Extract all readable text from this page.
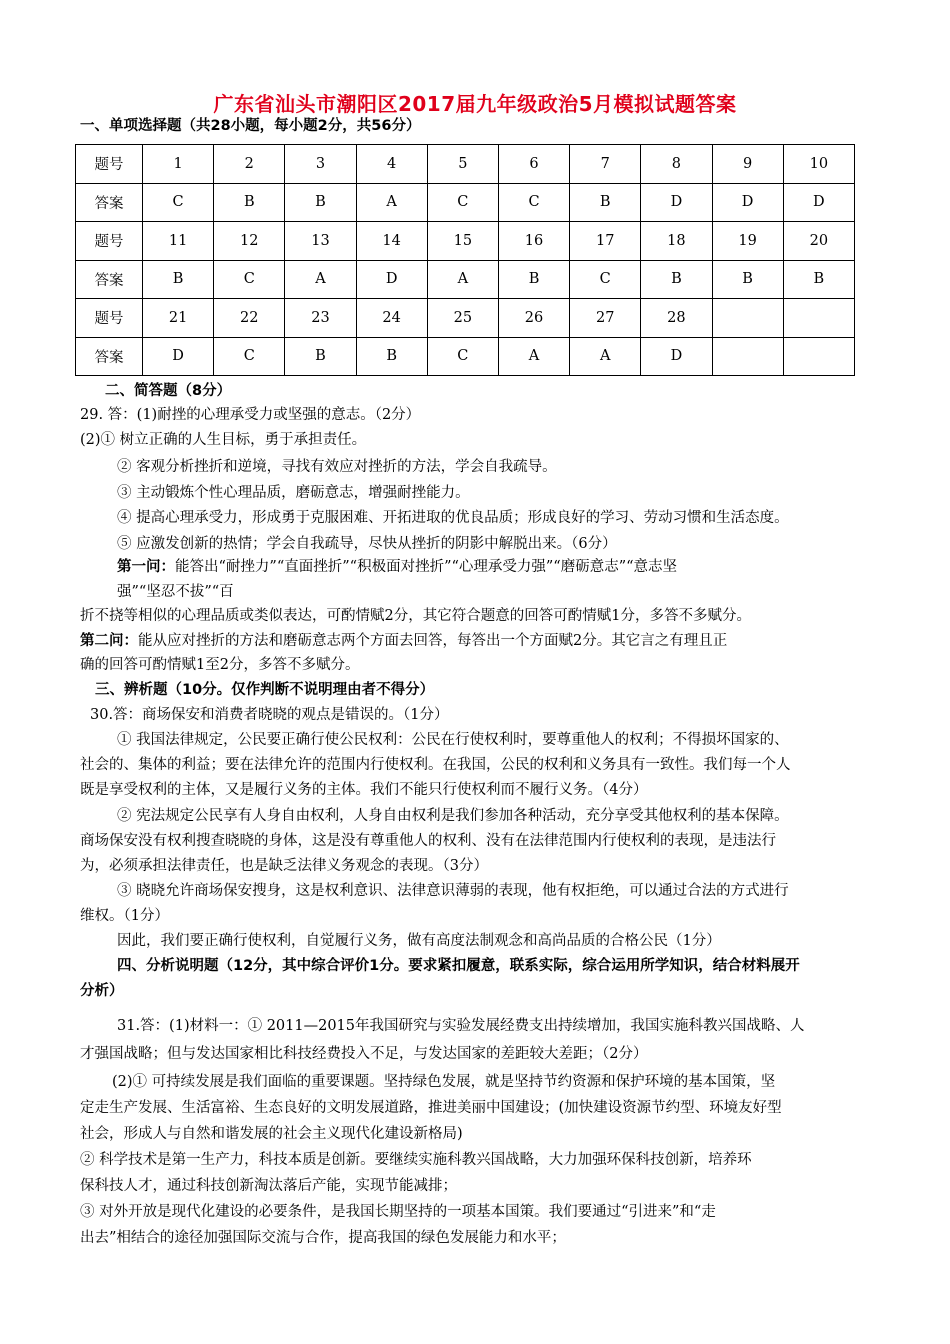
广东省汕头市潮阳区2017届九年级政治5月模拟试题答案
一、单项选择题（共28小题，每小题2分，共56分）
题号	1	2	3	4	5	6	7	8	9	10
答案	C	B	B	A	C	C	B	D	D	D
题号	11	12	13	14	15	16	17	18	19	20
答案	B	C	A	D	A	B	C	B	B	B
题号	21	22	23	24	25	26	27	28		
答案	D	C	B	B	C	A	A	D		
二、简答题（8分）
29. 答：(1)耐挫的心理承受力或坚强的意志。（2分）
(2)① 树立正确的人生目标，勇于承担责任。
② 客观分析挫折和逆境，寻找有效应对挫折的方法，学会自我疏导。
③ 主动锻炼个性心理品质，磨砺意志，增强耐挫能力。
④ 提高心理承受力，形成勇于克服困难、开拓进取的优良品质；形成良好的学习、劳动习惯和生活态度。
⑤ 应激发创新的热情；学会自我疏导，尽快从挫折的阴影中解脱出来。（6分）
第一问：能答出“耐挫力”“直面挫折”“积极面对挫折”“心理承受力强”“磨砺意志”“意志坚
强”“坚忍不拔”“百
折不挠等相似的心理品质或类似表达，可酌情赋2分，其它符合题意的回答可酌情赋1分，多答不多赋分。
第二问：能从应对挫折的方法和磨砺意志两个方面去回答，每答出一个方面赋2分。其它言之有理且正
确的回答可酌情赋1至2分，多答不多赋分。
三、辨析题（10分。仅作判断不说明理由者不得分）
30.答：商场保安和消费者晓晓的观点是错误的。（1分）
① 我国法律规定，公民要正确行使公民权利：公民在行使权利时，要尊重他人的权利；不得损坏国家的、
社会的、集体的利益；要在法律允许的范围内行使权利。在我国，公民的权利和义务具有一致性。我们每一个人
既是享受权利的主体，又是履行义务的主体。我们不能只行使权利而不履行义务。（4分）
② 宪法规定公民享有人身自由权利，人身自由权利是我们参加各种活动，充分享受其他权利的基本保障。
商场保安没有权利搜查晓晓的身体，这是没有尊重他人的权利、没有在法律范围内行使权利的表现，是违法行
为，必须承担法律责任，也是缺乏法律义务观念的表现。（3分）
③ 晓晓允许商场保安搜身，这是权利意识、法律意识薄弱的表现，他有权拒绝，可以通过合法的方式进行
维权。（1分）
因此，我们要正确行使权利，自觉履行义务，做有高度法制观念和高尚品质的合格公民（1分）
四、分析说明题（12分，其中综合评价1分。要求紧扣履意，联系实际，综合运用所学知识，结合材料展开
分析）
31.答：(1)材料一：① 2011—2015年我国研究与实验发展经费支出持续增加，我国实施科教兴国战略、人
才强国战略；但与发达国家相比科技经费投入不足，与发达国家的差距较大差距；（2分）
(2)① 可持续发展是我们面临的重要课题。坚持绿色发展，就是坚持节约资源和保护环境的基本国策，坚
定走生产发展、生活富裕、生态良好的文明发展道路，推进美丽中国建设；(加快建设资源节约型、环境友好型
社会，形成人与自然和谐发展的社会主义现代化建设新格局)
② 科学技术是第一生产力，科技本质是创新。要继续实施科教兴国战略，大力加强环保科技创新，培养环
保科技人才，通过科技创新淘汰落后产能，实现节能减排；
③ 对外开放是现代化建设的必要条件，是我国长期坚持的一项基本国策。我们要通过“引进来”和“走
出去”相结合的途径加强国际交流与合作，提高我国的绿色发展能力和水平；
